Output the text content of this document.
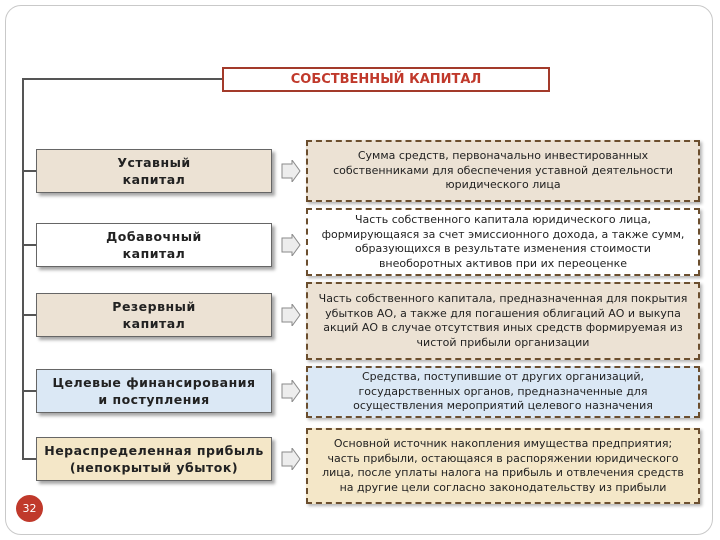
СОБСТВЕННЫЙ КАПИТАЛ
Уставный
капитал
Добавочный
капитал
Резервный
капитал
Целевые финансирования
и поступления
Нераспределенная прибыль
(непокрытый убыток)
Сумма средств, первоначально инвестированных собственниками для обеспечения уставной деятельности юридического лица
Часть собственного капитала юридического лица, формирующаяся за счет эмиссионного дохода, а также сумм, образующихся в результате изменения стоимости внеоборотных активов при их переоценке
Часть собственного капитала, предназначенная для покрытия убытков АО, а также для погашения облигаций АО и выкупа акций АО в случае отсутствия иных средств формируемая из чистой прибыли организации
Средства, поступившие от других организаций, государственных органов, предназначенные для осуществления мероприятий целевого назначения
Основной источник накопления имущества предприятия; часть прибыли, остающаяся в распоряжении юридического лица, после уплаты налога на прибыль и отвлечения средств на другие цели согласно законодательству из прибыли
32
